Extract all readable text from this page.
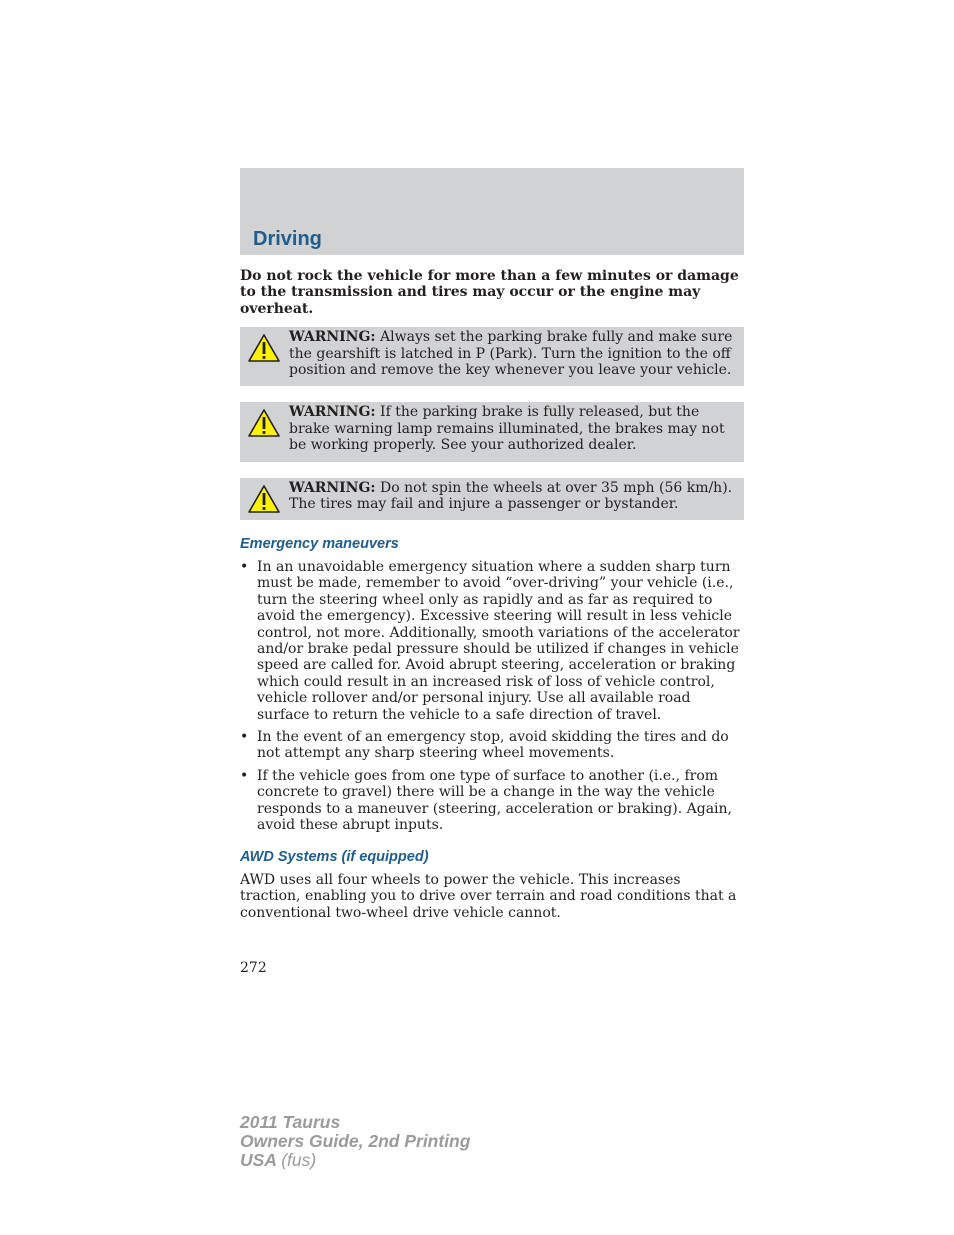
Driving

Do not rock the vehicle for more than a few minutes or damage to the transmission and tires may occur or the engine may overheat.

WARNING: Always set the parking brake fully and make sure the gearshift is latched in P (Park). Turn the ignition to the off position and remove the key whenever you leave your vehicle.

WARNING: If the parking brake is fully released, but the brake warning lamp remains illuminated, the brakes may not be working properly. See your authorized dealer.

WARNING: Do not spin the wheels at over 35 mph (56 km/h). The tires may fail and injure a passenger or bystander.

Emergency maneuvers
• In an unavoidable emergency situation where a sudden sharp turn must be made, remember to avoid “over-driving” your vehicle (i.e., turn the steering wheel only as rapidly and as far as required to avoid the emergency). Excessive steering will result in less vehicle control, not more. Additionally, smooth variations of the accelerator and/or brake pedal pressure should be utilized if changes in vehicle speed are called for. Avoid abrupt steering, acceleration or braking which could result in an increased risk of loss of vehicle control, vehicle rollover and/or personal injury. Use all available road surface to return the vehicle to a safe direction of travel.
• In the event of an emergency stop, avoid skidding the tires and do not attempt any sharp steering wheel movements.
• If the vehicle goes from one type of surface to another (i.e., from concrete to gravel) there will be a change in the way the vehicle responds to a maneuver (steering, acceleration or braking). Again, avoid these abrupt inputs.
AWD Systems (if equipped)

AWD uses all four wheels to power the vehicle. This increases traction, enabling you to drive over terrain and road conditions that a conventional two-wheel drive vehicle cannot.

272
2011 Taurus
Owners Guide, 2nd Printing
USA (fus)
